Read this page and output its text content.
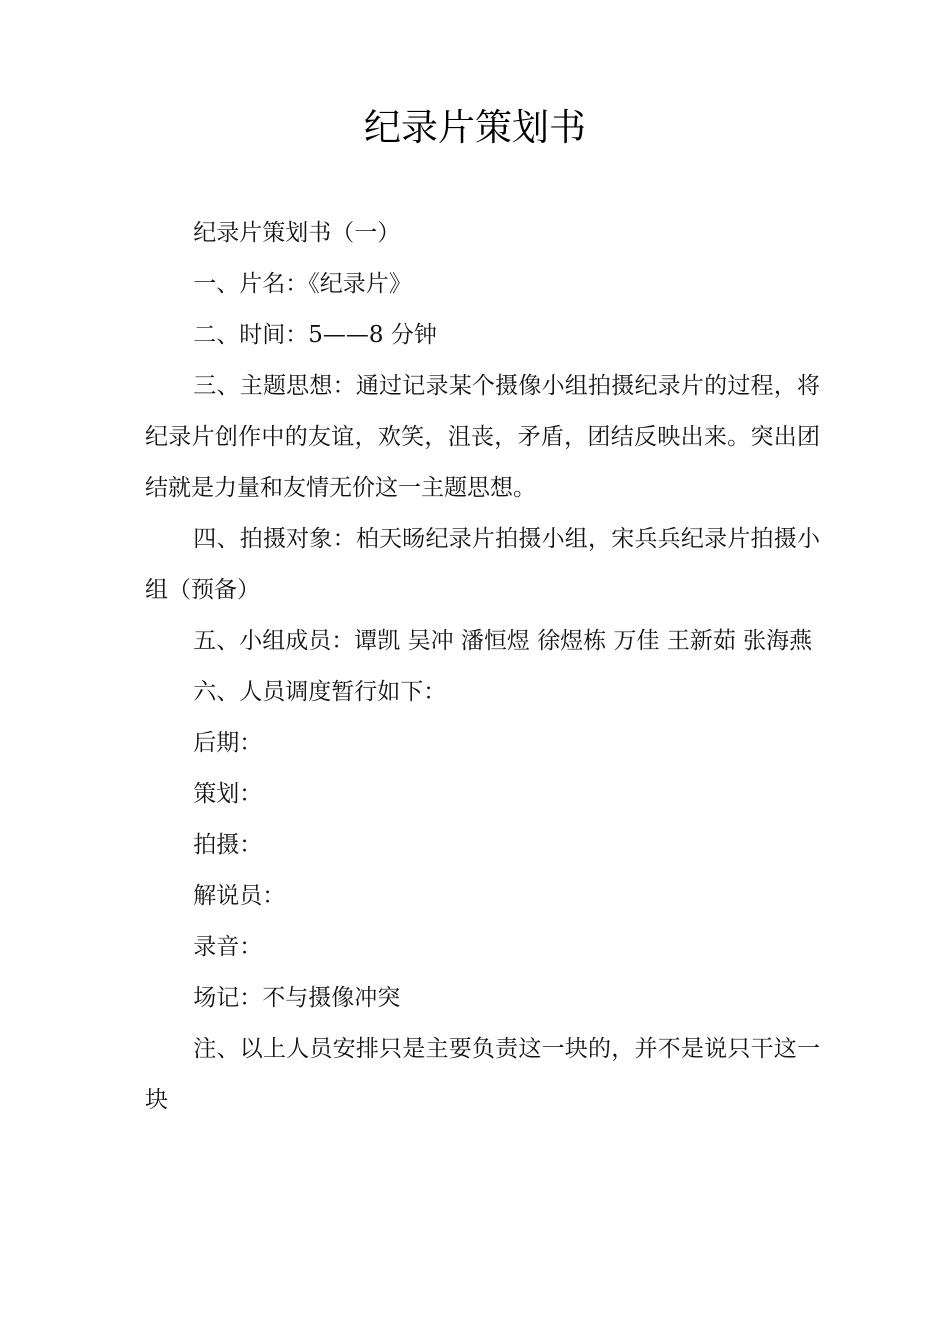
纪录片策划书

纪录片策划书（一）

一、片名：《纪录片》

二、时间：5——8 分钟

三、主题思想：通过记录某个摄像小组拍摄纪录片的过程，将纪录片创作中的友谊，欢笑，沮丧，矛盾，团结反映出来。突出团结就是力量和友情无价这一主题思想。

四、拍摄对象：柏天旸纪录片拍摄小组，宋兵兵纪录片拍摄小组（预备）

五、小组成员：谭凯 吴冲 潘恒煜 徐煜栋 万佳 王新茹 张海燕

六、人员调度暂行如下：

后期：

策划：

拍摄：

解说员：

录音：

场记：不与摄像冲突

注、以上人员安排只是主要负责这一块的，并不是说只干这一块
